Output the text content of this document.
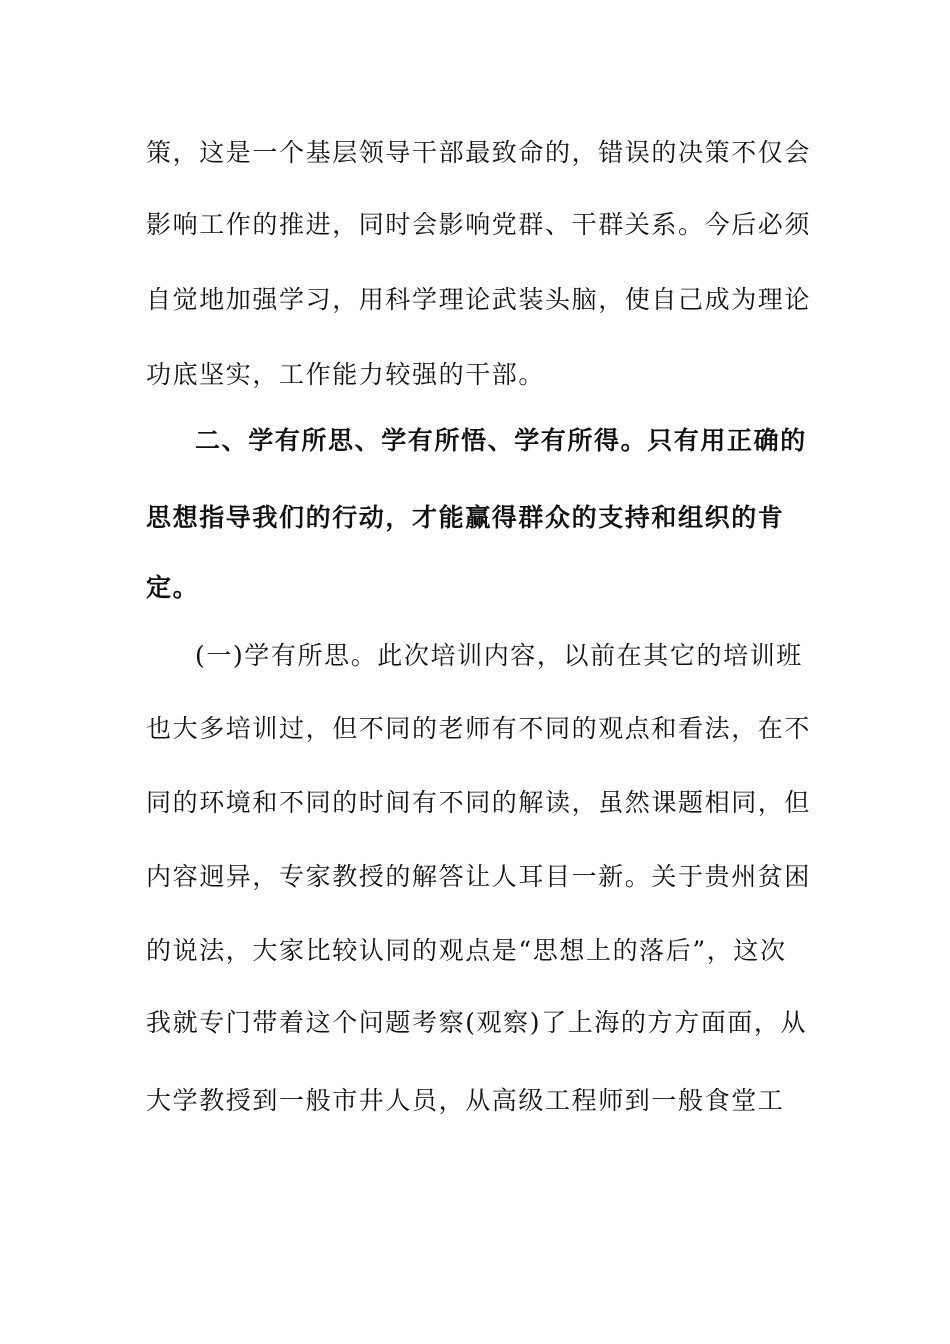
策，这是一个基层领导干部最致命的，错误的决策不仅会
影响工作的推进，同时会影响党群、干群关系。今后必须
自觉地加强学习，用科学理论武装头脑，使自己成为理论
功底坚实，工作能力较强的干部。
二、学有所思、学有所悟、学有所得。只有用正确的
思想指导我们的行动，才能赢得群众的支持和组织的肯
定。
(一)学有所思。此次培训内容，以前在其它的培训班
也大多培训过，但不同的老师有不同的观点和看法，在不
同的环境和不同的时间有不同的解读，虽然课题相同，但
内容迥异，专家教授的解答让人耳目一新。关于贵州贫困
的说法，大家比较认同的观点是“思想上的落后”，这次
我就专门带着这个问题考察(观察)了上海的方方面面，从
大学教授到一般市井人员，从高级工程师到一般食堂工
